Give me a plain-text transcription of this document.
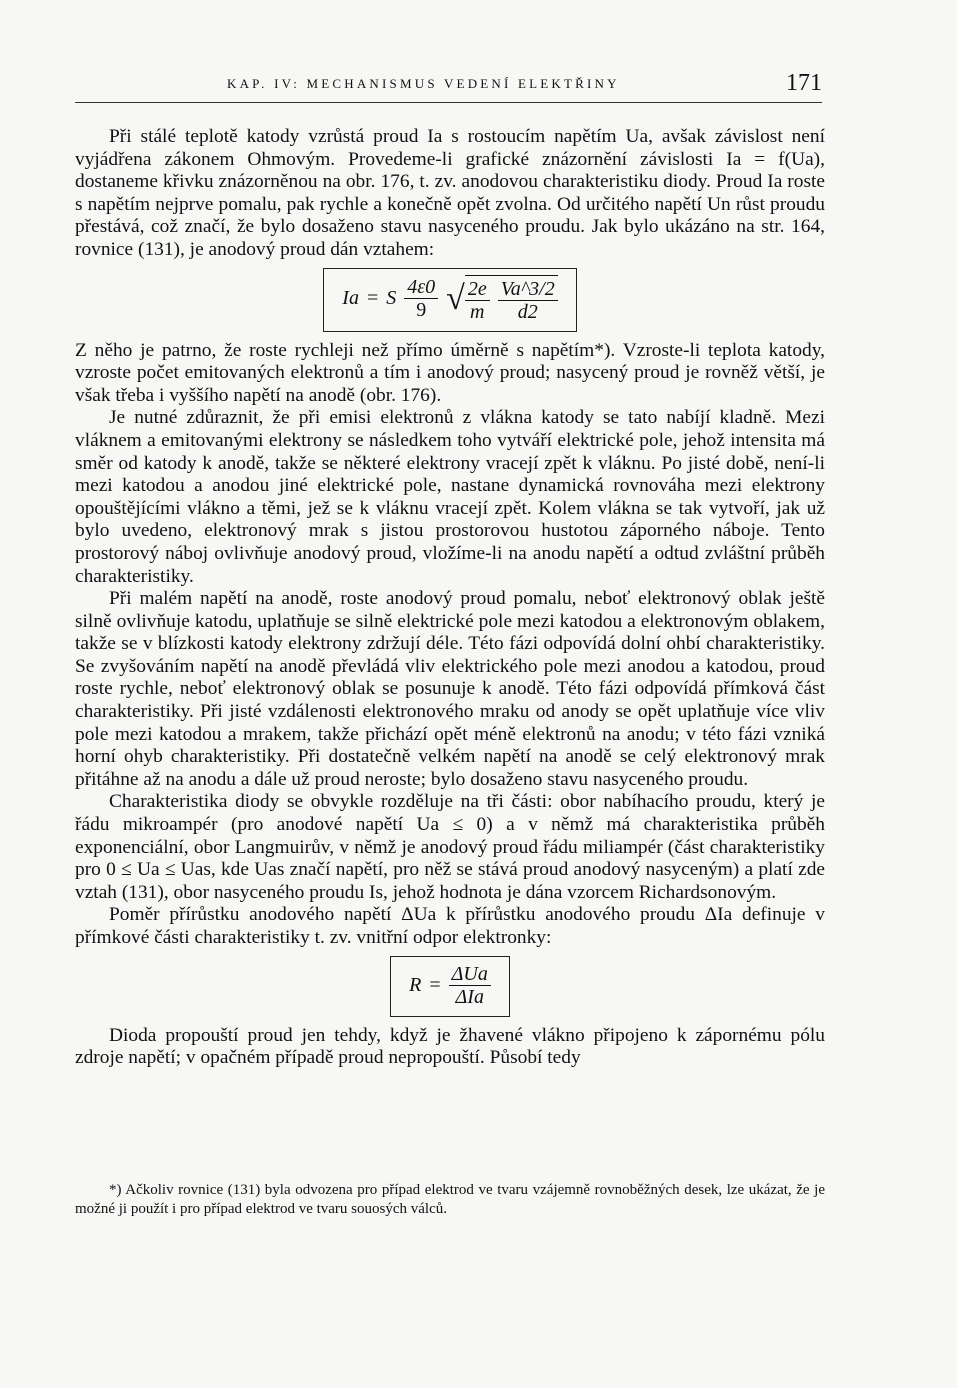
KAP. IV: MECHANISMUS VEDENÍ ELEKTŘINY	171

Při stálé teplotě katody vzrůstá proud Ia s rostoucím napětím Ua, avšak závislost není vyjádřena zákonem Ohmovým. Provedeme-li grafické znázornění závislosti Ia = f(Ua), dostaneme křivku znázorněnou na obr. 176, t. zv. anodovou charakteristiku diody. Proud Ia roste s napětím nejprve pomalu, pak rychle a konečně opět zvolna. Od určitého napětí Un růst proudu přestává, což značí, že bylo dosaženo stavu nasyceného proudu. Jak bylo ukázáno na str. 164, rovnice (131), je anodový proud dán vztahem:

Ia = S $\frac{4\varepsilon 0}{9}$ √ $\frac{2e}{m} \frac{Va\^{}3/2}{d2}$

Z něho je patrno, že roste rychleji než přímo úměrně s napětím*). Vzroste-li teplota katody, vzroste počet emitovaných elektronů a tím i anodový proud; nasycený proud je rovněž větší, je však třeba i vyššího napětí na anodě (obr. 176).

Je nutné zdůraznit, že při emisi elektronů z vlákna katody se tato nabíjí kladně. Mezi vláknem a emitovanými elektrony se následkem toho vytváří elektrické pole, jehož intensita má směr od katody k anodě, takže se některé elektrony vracejí zpět k vláknu. Po jisté době, není-li mezi katodou a anodou jiné elektrické pole, nastane dynamická rovnováha mezi elektrony opouštějícími vlákno a těmi, jež se k vláknu vracejí zpět. Kolem vlákna se tak vytvoří, jak už bylo uvedeno, elektronový mrak s jistou prostorovou hustotou záporného náboje. Tento prostorový náboj ovlivňuje anodový proud, vložíme-li na anodu napětí a odtud zvláštní průběh charakteristiky.

Při malém napětí na anodě, roste anodový proud pomalu, neboť elektronový oblak ještě silně ovlivňuje katodu, uplatňuje se silně elektrické pole mezi katodou a elektronovým oblakem, takže se v blízkosti katody elektrony zdržují déle. Této fázi odpovídá dolní ohbí charakteristiky. Se zvyšováním napětí na anodě převládá vliv elektrického pole mezi anodou a katodou, proud roste rychle, neboť elektronový oblak se posunuje k anodě. Této fázi odpovídá přímková část charakteristiky. Při jisté vzdálenosti elektronového mraku od anody se opět uplatňuje více vliv pole mezi katodou a mrakem, takže přichází opět méně elektronů na anodu; v této fázi vzniká horní ohyb charakteristiky. Při dostatečně velkém napětí na anodě se celý elektronový mrak přitáhne až na anodu a dále už proud neroste; bylo dosaženo stavu nasyceného proudu.

Charakteristika diody se obvykle rozděluje na tři části: obor nabíhacího proudu, který je řádu mikroampér (pro anodové napětí Ua ≤ 0) a v němž má charakteristika průběh exponenciální, obor Langmuirův, v němž je anodový proud řádu miliampér (část charakteristiky pro 0 ≤ Ua ≤ Uas, kde Uas značí napětí, pro něž se stává proud anodový nasyceným) a platí zde vztah (131), obor nasyceného proudu Is, jehož hodnota je dána vzorcem Richardsonovým.

Poměr přírůstku anodového napětí ΔUa k přírůstku anodového proudu ΔIa definuje v přímkové části charakteristiky t. zv. vnitřní odpor elektronky:

$R = \frac{\text{ΔUa}}{\text{ΔIa}}$

Dioda propouští proud jen tehdy, když je žhavené vlákno připojeno k zápornému pólu zdroje napětí; v opačném případě proud nepropouští. Působí tedy

*) Ačkoliv rovnice (131) byla odvozena pro případ elektrod ve tvaru vzájemně rovnoběžných desek, lze ukázat, že je možné ji použít i pro případ elektrod ve tvaru souosých válců.
